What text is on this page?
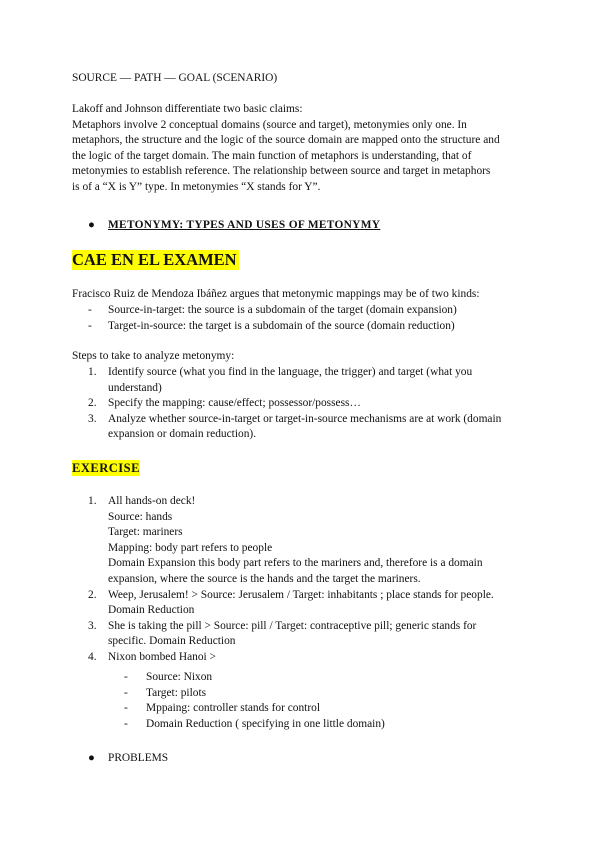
SOURCE — PATH — GOAL (SCENARIO)

Lakoff and Johnson differentiate two basic claims:

Metaphors involve 2 conceptual domains (source and target), metonymies only one. In

metaphors, the structure and the logic of the source domain are mapped onto the structure and

the logic of the target domain. The main function of metaphors is understanding, that of

metonymies to establish reference. The relationship between source and target in metaphors

is of a “X is Y” type. In metonymies “X stands for Y”.

●	METONYMY: TYPES AND USES OF METONYMY
CAE EN EL EXAMEN
Fracisco Ruiz de Mendoza Ibáñez argues that metonymic mappings may be of two kinds:
-	Source-in-target: the source is a subdomain of the target (domain expansion)
-	Target-in-source: the target is a subdomain of the source (domain reduction)
Steps to take to analyze metonymy:
1.	Identify source (what you find in the language, the trigger) and target (what you
understand)
2.	Specify the mapping: cause/effect; possessor/possess…
3.	Analyze whether source-in-target or target-in-source mechanisms are at work (domain
expansion or domain reduction).
EXERCISE
1.	All hands-on deck!
Source: hands
Target: mariners
Mapping: body part refers to people
Domain Expansion this body part refers to the mariners and, therefore is a domain
expansion, where the source is the hands and the target the mariners.
2.	Weep, Jerusalem! > Source: Jerusalem / Target: inhabitants ; place stands for people.
Domain Reduction
3.	She is taking the pill > Source: pill / Target: contraceptive pill; generic stands for
specific. Domain Reduction
4.	Nixon bombed Hanoi >
- Source: Nixon
- Target: pilots
- Mppaing: controller stands for control
- Domain Reduction ( specifying in one little domain)
●	PROBLEMS
